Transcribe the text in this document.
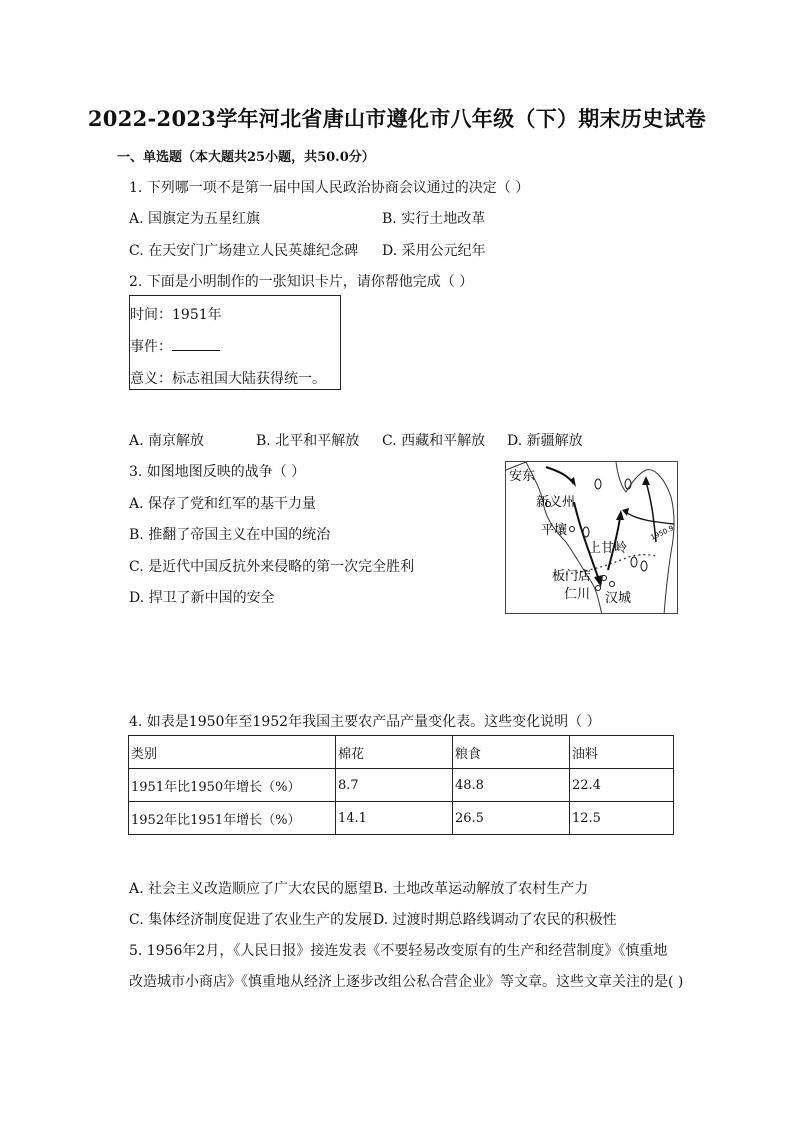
2022-2023学年河北省唐山市遵化市八年级（下）期末历史试卷
一、单选题（本大题共25小题，共50.0分）
1. 下列哪一项不是第一届中国人民政治协商会议通过的决定（ ）
A. 国旗定为五星红旗	B. 实行土地改革
C. 在天安门广场建立人民英雄纪念碑 D. 采用公元纪年
2. 下面是小明制作的一张知识卡片，请你帮他完成（ ）
时间：1951年
事件：
意义：标志祖国大陆获得统一。
A. 南京解放	B. 北平和平解放 C. 西藏和平解放 D. 新疆解放
3. 如图地图反映的战争（ ）
A. 保存了党和红军的基干力量
B. 推翻了帝国主义在中国的统治
C. 是近代中国反抗外来侵略的第一次完全胜利
D. 捍卫了新中国的安全
安东
新义州
平壤
上甘岭
板门店
仁川 汉城
1950.9
4. 如表是1950年至1952年我国主要农产品产量变化表。这些变化说明（ ）
类别	棉花	粮食	油料
1951年比1950年增长（%）	8.7	48.8	22.4
1952年比1951年增长（%）	14.1	26.5	12.5
A. 社会主义改造顺应了广大农民的愿望 B. 土地改革运动解放了农村生产力
C. 集体经济制度促进了农业生产的发展 D. 过渡时期总路线调动了农民的积极性
5. 1956年2月，《人民日报》接连发表《不要轻易改变原有的生产和经营制度》《慎重地
改造城市小商店》《慎重地从经济上逐步改组公私合营企业》等文章。这些文章关注的是( )
